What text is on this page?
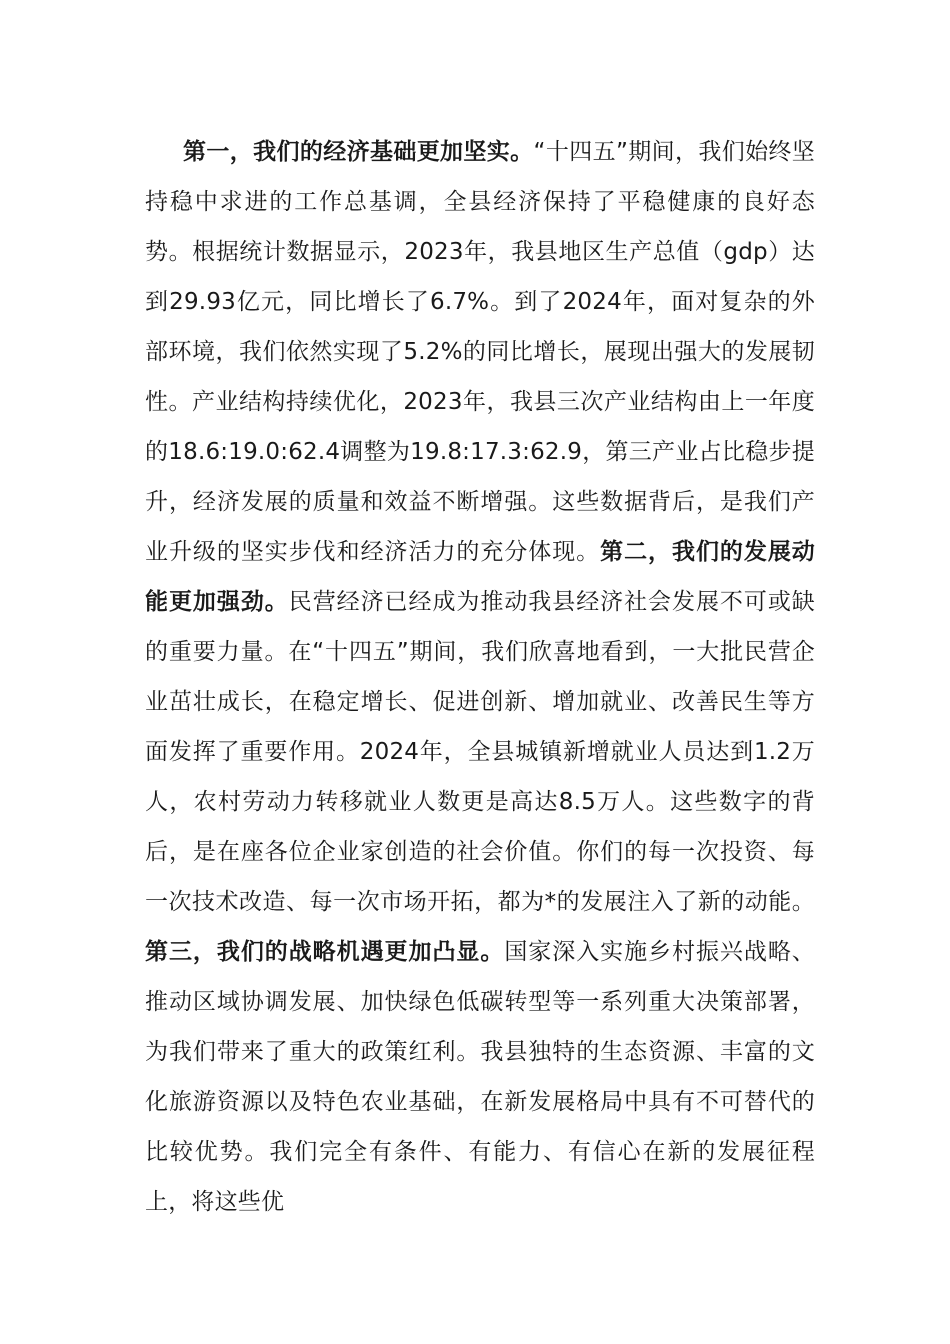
第一，我们的经济基础更加坚实。“十四五”期间，我们始终坚持稳中求进的工作总基调，全县经济保持了平稳健康的良好态势。根据统计数据显示，2023年，我县地区生产总值（gdp）达到29.93亿元，同比增长了6.7%。到了2024年，面对复杂的外部环境，我们依然实现了5.2%的同比增长，展现出强大的发展韧性。产业结构持续优化，2023年，我县三次产业结构由上一年度的18.6:19.0:62.4调整为19.8:17.3:62.9，第三产业占比稳步提升，经济发展的质量和效益不断增强。这些数据背后，是我们产业升级的坚实步伐和经济活力的充分体现。第二，我们的发展动能更加强劲。民营经济已经成为推动我县经济社会发展不可或缺的重要力量。在“十四五”期间，我们欣喜地看到，一大批民营企业茁壮成长，在稳定增长、促进创新、增加就业、改善民生等方面发挥了重要作用。2024年，全县城镇新增就业人员达到1.2万人，农村劳动力转移就业人数更是高达8.5万人。这些数字的背后，是在座各位企业家创造的社会价值。你们的每一次投资、每一次技术改造、每一次市场开拓，都为*的发展注入了新的动能。第三，我们的战略机遇更加凸显。国家深入实施乡村振兴战略、推动区域协调发展、加快绿色低碳转型等一系列重大决策部署，为我们带来了重大的政策红利。我县独特的生态资源、丰富的文化旅游资源以及特色农业基础，在新发展格局中具有不可替代的比较优势。我们完全有条件、有能力、有信心在新的发展征程上，将这些优
